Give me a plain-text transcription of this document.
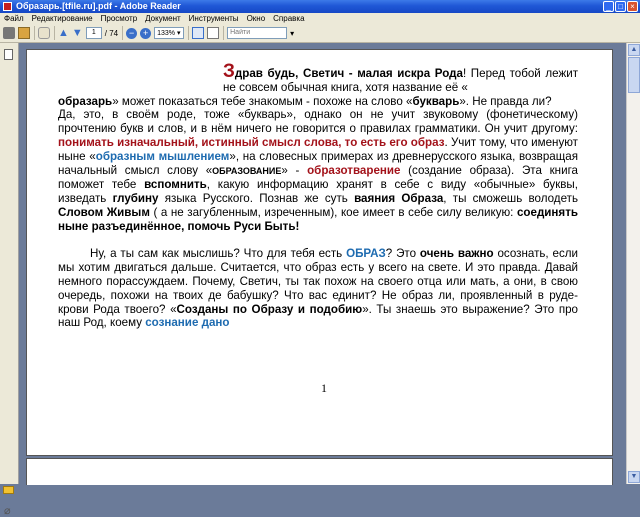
Образарь.[tfile.ru].pdf - Adobe Reader	_ □ ×
Файл	Редактирование	Просмотр	Документ	Инструменты	Окно	Справка
▲ ▼
1	/ 74	− +	133% ▾
Найти	▾
⌀

Здрав будь, Светич - малая искра Рода! Перед тобой лежит не совсем обычная книга, хотя название её «

образарь» может показаться тебе знакомым - похоже на слово «букварь». Не правда ли?

Да, это, в своём роде, тоже «букварь», однако он не учит звуковому (фонетическому) прочтению букв и слов, и в нём ничего не говорится о правилах грамматики. Он учит другому: понимать изначальный, истинный смысл слова, то есть его образ. Учит тому, что именуют ныне «образным мышлением», на словесных примерах из древнерусского языка, возвращая начальный смысл слову «ОБРАЗОВАНИЕ» - образотварение (создание образа). Эта книга поможет тебе вспомнить, какую информацию хранят в себе с виду «обычные» буквы, изведать глубину языка Русского. Познав же суть ваяния Образа, ты сможешь володеть Словом Живым ( а не загубленным, изреченным), кое имеет в себе силу великую: соединять ныне разъединённое, помочь Руси Быть!

Ну, а ты сам как мыслишь? Что для тебя есть ОБРАЗ? Это очень важно осознать, если мы хотим двигаться дальше. Считается, что образ есть у всего на свете. И это правда. Давай немного порассуждаем. Почему, Светич, ты так похож на своего отца или мать, а они, в свою очередь, похожи на твоих де бабушку? Что вас единит? Не образ ли, проявленный в руде-крови Рода твоего? «Созданы по Образу и подобию». Ты знаешь это выражение? Это про наш Род, коему сознание дано

1
▲
▼
